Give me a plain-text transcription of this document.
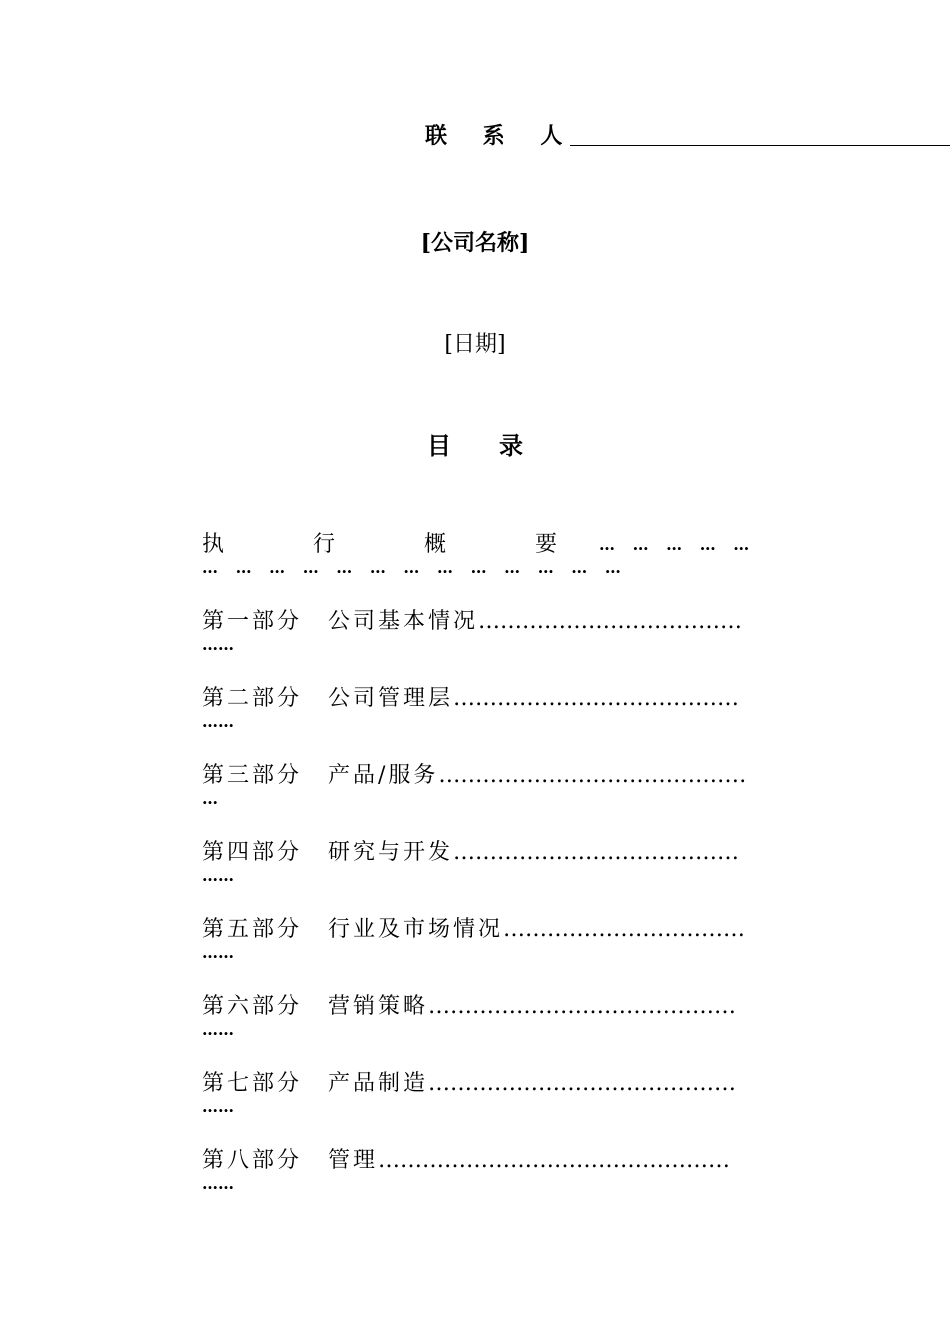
联 系 人
[公司名称]
[日期]
目 录
执	行	概	要	… … … … …
… … … … … … … … … … … … …
第一部分 公司基本情况………………………………
……
第二部分 公司管理层…………………………………
……
第三部分 产品/服务……………………………………
…
第四部分 研究与开发…………………………………
……
第五部分 行业及市场情况……………………………
……
第六部分 营销策略……………………………………
……
第七部分 产品制造……………………………………
……
第八部分 管理…………………………………………
……
